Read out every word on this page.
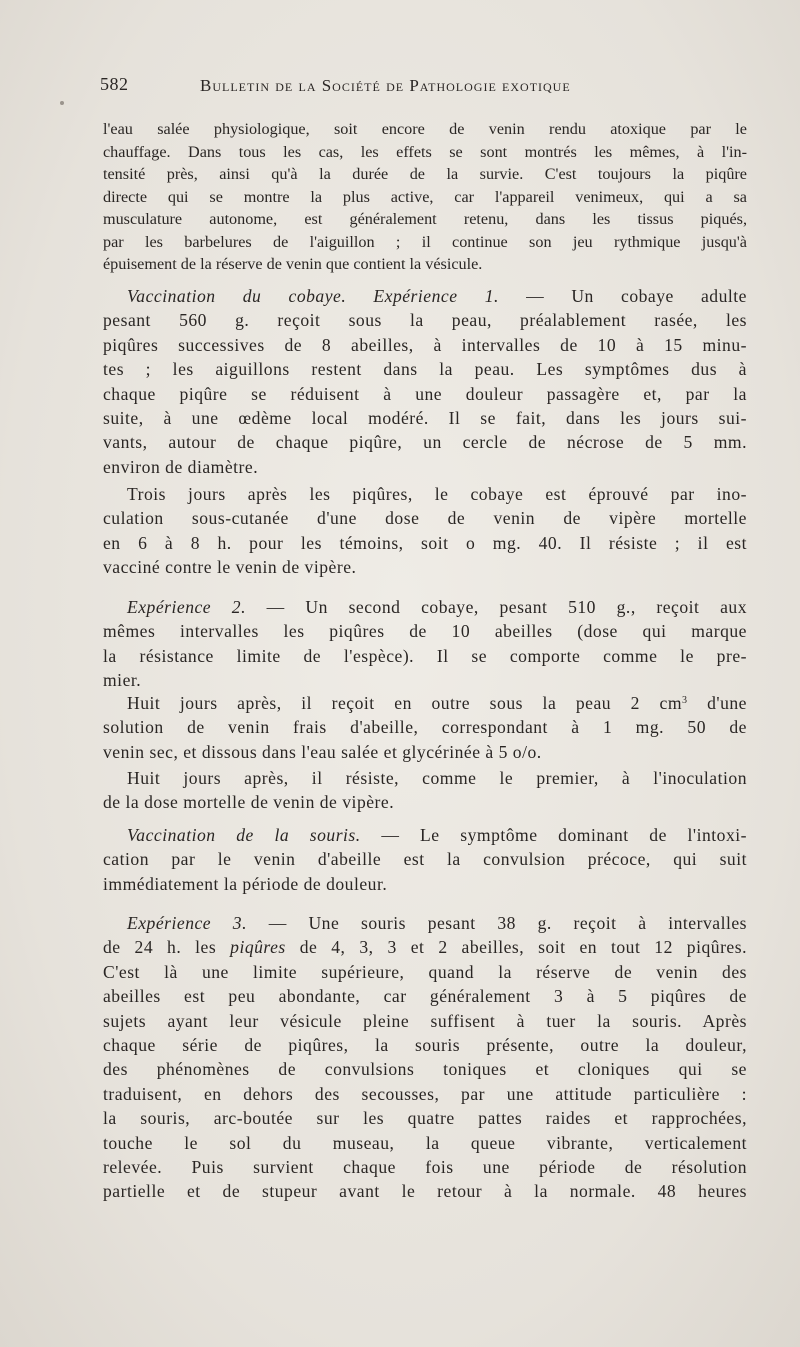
582	Bulletin de la Société de Pathologie exotique
l'eau salée physiologique, soit encore de venin rendu atoxique par le
chauffage. Dans tous les cas, les effets se sont montrés les mêmes, à l'in-
tensité près, ainsi qu'à la durée de la survie. C'est toujours la piqûre
directe qui se montre la plus active, car l'appareil venimeux, qui a sa
musculature autonome, est généralement retenu, dans les tissus piqués,
par les barbelures de l'aiguillon ; il continue son jeu rythmique jusqu'à
épuisement de la réserve de venin que contient la vésicule.
Vaccination du cobaye. Expérience 1. — Un cobaye adulte
pesant 560 g. reçoit sous la peau, préalablement rasée, les
piqûres successives de 8 abeilles, à intervalles de 10 à 15 minu-
tes ; les aiguillons restent dans la peau. Les symptômes dus à
chaque piqûre se réduisent à une douleur passagère et, par la
suite, à une œdème local modéré. Il se fait, dans les jours sui-
vants, autour de chaque piqûre, un cercle de nécrose de 5 mm.
environ de diamètre.
Trois jours après les piqûres, le cobaye est éprouvé par ino-
culation sous-cutanée d'une dose de venin de vipère mortelle
en 6 à 8 h. pour les témoins, soit o mg. 40. Il résiste ; il est
vacciné contre le venin de vipère.
Expérience 2. — Un second cobaye, pesant 510 g., reçoit aux
mêmes intervalles les piqûres de 10 abeilles (dose qui marque
la résistance limite de l'espèce). Il se comporte comme le pre-
mier.
Huit jours après, il reçoit en outre sous la peau 2 $cm^3$ d'une
solution de venin frais d'abeille, correspondant à 1 mg. 50 de
venin sec, et dissous dans l'eau salée et glycérinée à 5 o/o.
Huit jours après, il résiste, comme le premier, à l'inoculation
de la dose mortelle de venin de vipère.
Vaccination de la souris. — Le symptôme dominant de l'intoxi-
cation par le venin d'abeille est la convulsion précoce, qui suit
immédiatement la période de douleur.
Expérience 3. — Une souris pesant 38 g. reçoit à intervalles
de 24 h. les piqûres de 4, 3, 3 et 2 abeilles, soit en tout 12 piqûres.
C'est là une limite supérieure, quand la réserve de venin des
abeilles est peu abondante, car généralement 3 à 5 piqûres de
sujets ayant leur vésicule pleine suffisent à tuer la souris. Après
chaque série de piqûres, la souris présente, outre la douleur,
des phénomènes de convulsions toniques et cloniques qui se
traduisent, en dehors des secousses, par une attitude particulière :
la souris, arc-boutée sur les quatre pattes raides et rapprochées,
touche le sol du museau, la queue vibrante, verticalement
relevée. Puis survient chaque fois une période de résolution
partielle et de stupeur avant le retour à la normale. 48 heures
